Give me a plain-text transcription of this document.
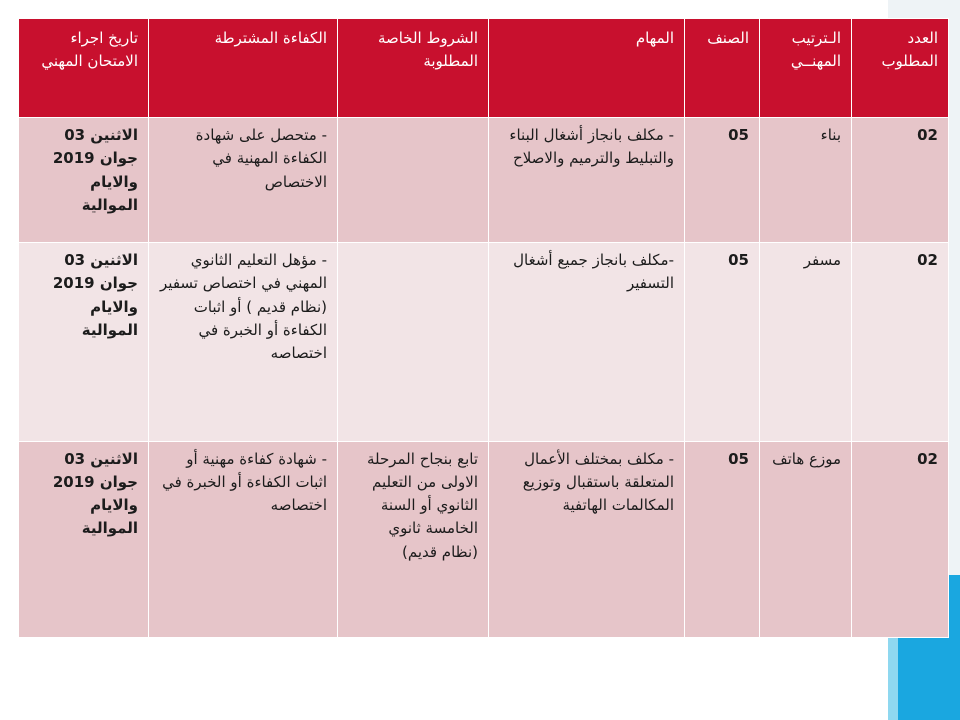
العدد المطلوب	الـترتيب المهنــي	الصنف	المهام	الشروط الخاصة المطلوبة	الكفاءة المشترطة	تاريخ اجراء الامتحان المهني
02	بناء	05	- مكلف بانجاز أشغال البناء والتبليط والترميم والاصلاح		- متحصل على شهادة الكفاءة المهنية في الاختصاص	الاثنين 03 جوان 2019 والايام الموالية
02	مسفر	05	-مكلف بانجاز جميع أشغال التسفير		- مؤهل التعليم الثانوي المهني في اختصاص تسفير (نظام قديم ) أو اثبات الكفاءة أو الخبرة في اختصاصه	الاثنين 03 جوان 2019 والايام الموالية
02	موزع هاتف	05	- مكلف بمختلف الأعمال المتعلقة باستقبال وتوزيع المكالمات الهاتفية	تابع بنجاح المرحلة الاولى من التعليم الثانوي أو السنة الخامسة ثانوي (نظام قديم)	- شهادة كفاءة مهنية أو اثبات الكفاءة أو الخبرة في اختصاصه	الاثنين 03 جوان 2019 والايام الموالية
